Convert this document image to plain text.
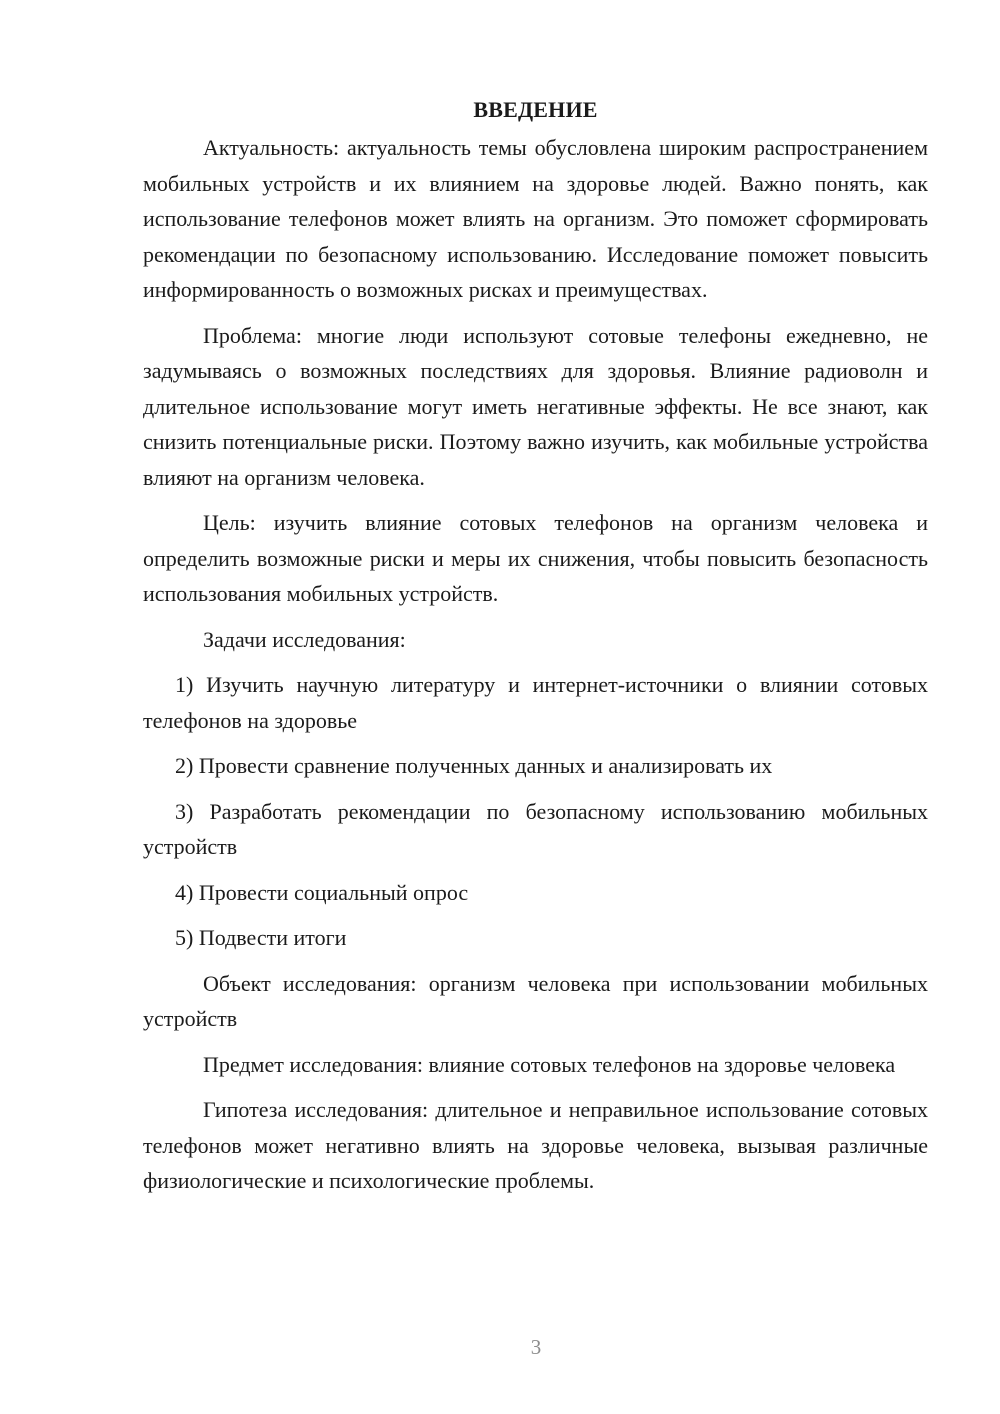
ВВЕДЕНИЕ

Актуальность: актуальность темы обусловлена широким распространением мобильных устройств и их влиянием на здоровье людей. Важно понять, как использование телефонов может влиять на организм. Это поможет сформировать рекомендации по безопасному использованию. Исследование поможет повысить информированность о возможных рисках и преимуществах.

Проблема: многие люди используют сотовые телефоны ежедневно, не задумываясь о возможных последствиях для здоровья. Влияние радиоволн и длительное использование могут иметь негативные эффекты. Не все знают, как снизить потенциальные риски. Поэтому важно изучить, как мобильные устройства влияют на организм человека.

Цель: изучить влияние сотовых телефонов на организм человека и определить возможные риски и меры их снижения, чтобы повысить безопасность использования мобильных устройств.

Задачи исследования:

1) Изучить научную литературу и интернет-источники о влиянии сотовых телефонов на здоровье

2) Провести сравнение полученных данных и анализировать их

3) Разработать рекомендации по безопасному использованию мобильных устройств

4) Провести социальный опрос

5) Подвести итоги

Объект исследования: организм человека при использовании мобильных устройств

Предмет исследования: влияние сотовых телефонов на здоровье человека

Гипотеза исследования: длительное и неправильное использование сотовых телефонов может негативно влиять на здоровье человека, вызывая различные физиологические и психологические проблемы.

3
